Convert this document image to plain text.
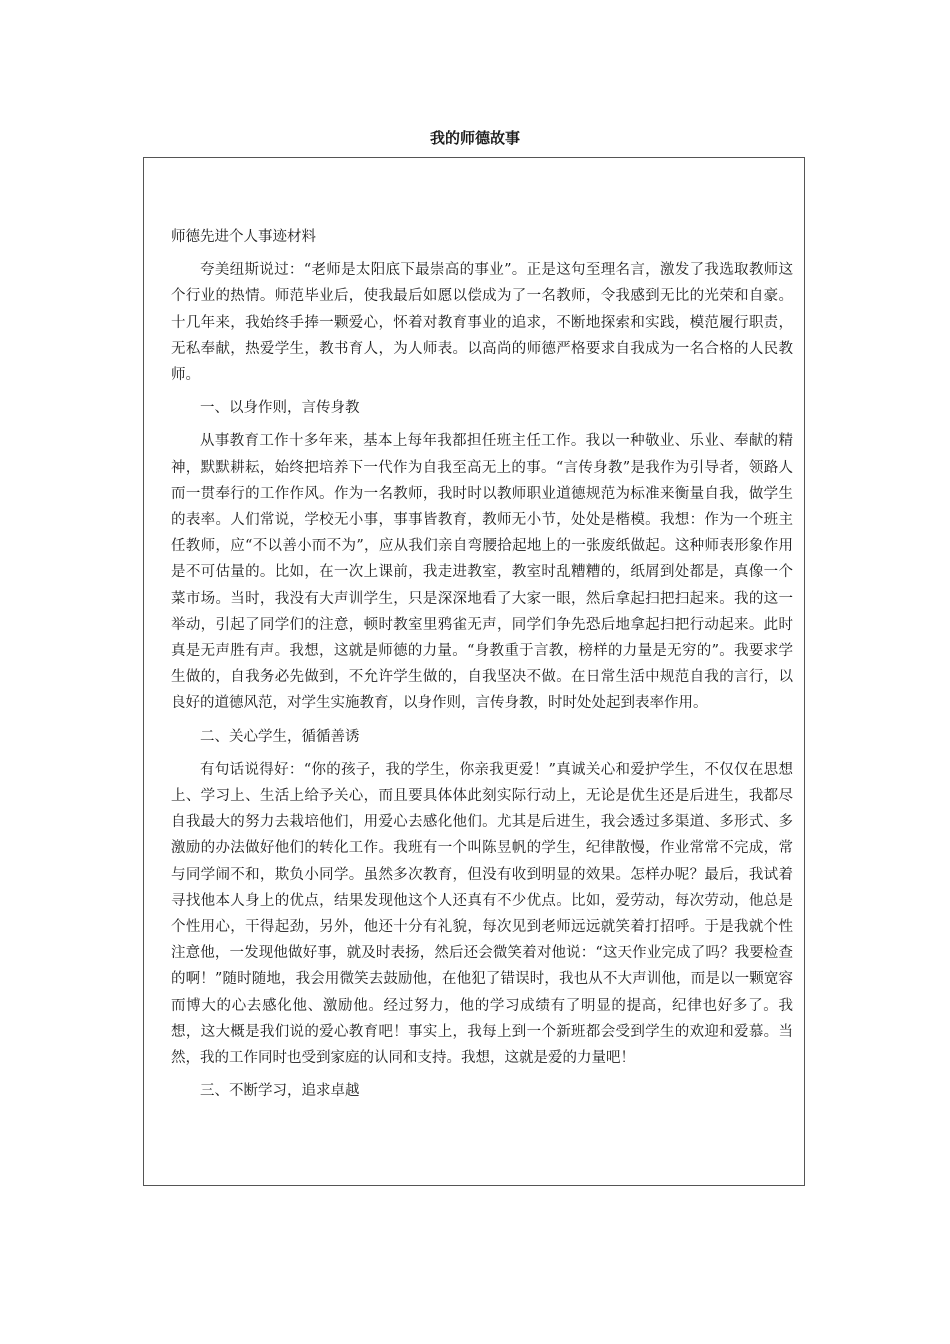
我的师德故事

师德先进个人事迹材料

夸美纽斯说过：“老师是太阳底下最崇高的事业”。正是这句至理名言，激发了我选取教师这个行业的热情。师范毕业后，使我最后如愿以偿成为了一名教师，令我感到无比的光荣和自豪。十几年来，我始终手捧一颗爱心，怀着对教育事业的追求，不断地探索和实践，模范履行职责，无私奉献，热爱学生，教书育人，为人师表。以高尚的师德严格要求自我成为一名合格的人民教师。

一、以身作则，言传身教

从事教育工作十多年来，基本上每年我都担任班主任工作。我以一种敬业、乐业、奉献的精神，默默耕耘，始终把培养下一代作为自我至高无上的事。“言传身教”是我作为引导者，领路人而一贯奉行的工作作风。作为一名教师，我时时以教师职业道德规范为标准来衡量自我，做学生的表率。人们常说，学校无小事，事事皆教育，教师无小节，处处是楷模。我想：作为一个班主任教师，应“不以善小而不为”，应从我们亲自弯腰拾起地上的一张废纸做起。这种师表形象作用是不可估量的。比如，在一次上课前，我走进教室，教室时乱糟糟的，纸屑到处都是，真像一个菜市场。当时，我没有大声训学生，只是深深地看了大家一眼，然后拿起扫把扫起来。我的这一举动，引起了同学们的注意，顿时教室里鸦雀无声，同学们争先恐后地拿起扫把行动起来。此时真是无声胜有声。我想，这就是师德的力量。“身教重于言教，榜样的力量是无穷的”。我要求学生做的，自我务必先做到，不允许学生做的，自我坚决不做。在日常生活中规范自我的言行，以良好的道德风范，对学生实施教育，以身作则，言传身教，时时处处起到表率作用。

二、关心学生，循循善诱

有句话说得好：“你的孩子，我的学生，你亲我更爱！”真诚关心和爱护学生，不仅仅在思想上、学习上、生活上给予关心，而且要具体体此刻实际行动上，无论是优生还是后进生，我都尽自我最大的努力去栽培他们，用爱心去感化他们。尤其是后进生，我会透过多渠道、多形式、多激励的办法做好他们的转化工作。我班有一个叫陈昱帆的学生，纪律散慢，作业常常不完成，常与同学闹不和，欺负小同学。虽然多次教育，但没有收到明显的效果。怎样办呢？最后，我试着寻找他本人身上的优点，结果发现他这个人还真有不少优点。比如，爱劳动，每次劳动，他总是个性用心，干得起劲，另外，他还十分有礼貌，每次见到老师远远就笑着打招呼。于是我就个性注意他，一发现他做好事，就及时表扬，然后还会微笑着对他说：“这天作业完成了吗？我要检查的啊！”随时随地，我会用微笑去鼓励他，在他犯了错误时，我也从不大声训他，而是以一颗宽容而博大的心去感化他、激励他。经过努力，他的学习成绩有了明显的提高，纪律也好多了。我想，这大概是我们说的爱心教育吧！事实上，我每上到一个新班都会受到学生的欢迎和爱慕。当然，我的工作同时也受到家庭的认同和支持。我想，这就是爱的力量吧！

三、不断学习，追求卓越
